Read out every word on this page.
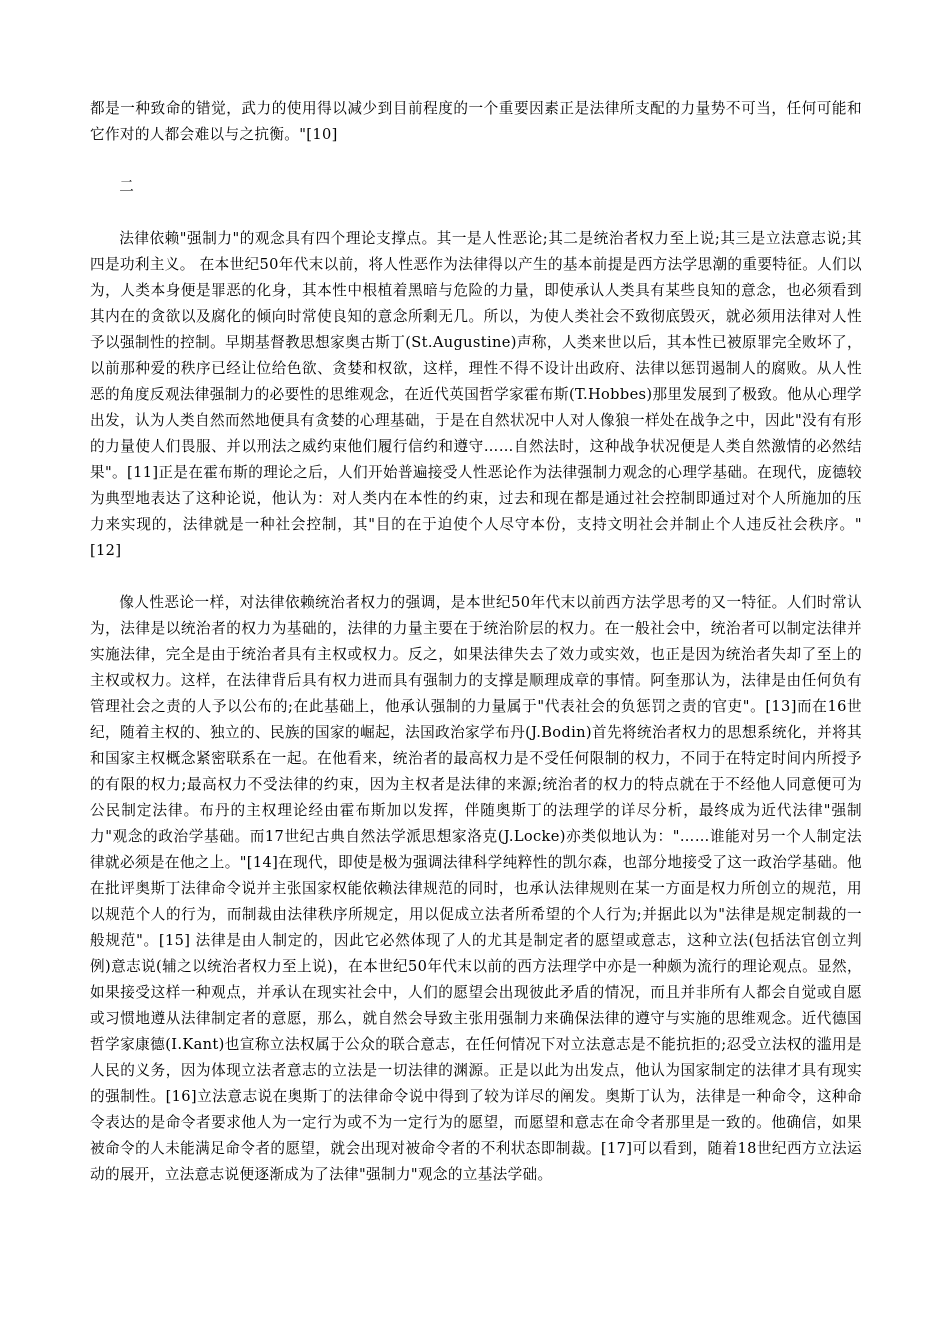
都是一种致命的错觉，武力的使用得以减少到目前程度的一个重要因素正是法律所支配的力量势不可当，任何可能和它作对的人都会难以与之抗衡。"[10]

二

法律依赖"强制力"的观念具有四个理论支撑点。其一是人性恶论;其二是统治者权力至上说;其三是立法意志说;其四是功利主义。 在本世纪50年代末以前，将人性恶作为法律得以产生的基本前提是西方法学思潮的重要特征。人们以为，人类本身便是罪恶的化身，其本性中根植着黑暗与危险的力量，即使承认人类具有某些良知的意念，也必须看到其内在的贪欲以及腐化的倾向时常使良知的意念所剩无几。所以，为使人类社会不致彻底毁灭，就必须用法律对人性予以强制性的控制。早期基督教思想家奥古斯丁(St.Augustine)声称，人类来世以后，其本性已被原罪完全败坏了，以前那种爱的秩序已经让位给色欲、贪婪和权欲，这样，理性不得不设计出政府、法律以惩罚遏制人的腐败。从人性恶的角度反观法律强制力的必要性的思维观念，在近代英国哲学家霍布斯(T.Hobbes)那里发展到了极致。他从心理学出发，认为人类自然而然地便具有贪婪的心理基础，于是在自然状况中人对人像狼一样处在战争之中，因此"没有有形的力量使人们畏服、并以刑法之威约束他们履行信约和遵守……自然法时，这种战争状况便是人类自然激情的必然结果"。[11]正是在霍布斯的理论之后，人们开始普遍接受人性恶论作为法律强制力观念的心理学基础。在现代，庞德较为典型地表达了这种论说，他认为：对人类内在本性的约束，过去和现在都是通过社会控制即通过对个人所施加的压力来实现的，法律就是一种社会控制，其"目的在于迫使个人尽守本份，支持文明社会并制止个人违反社会秩序。"[12]

像人性恶论一样，对法律依赖统治者权力的强调，是本世纪50年代末以前西方法学思考的又一特征。人们时常认为，法律是以统治者的权力为基础的，法律的力量主要在于统治阶层的权力。在一般社会中，统治者可以制定法律并实施法律，完全是由于统治者具有主权或权力。反之，如果法律失去了效力或实效，也正是因为统治者失却了至上的主权或权力。这样，在法律背后具有权力进而具有强制力的支撑是顺理成章的事情。阿奎那认为，法律是由任何负有管理社会之责的人予以公布的;在此基础上，他承认强制的力量属于"代表社会的负惩罚之责的官吏"。[13]而在16世纪，随着主权的、独立的、民族的国家的崛起，法国政治家学布丹(J.Bodin)首先将统治者权力的思想系统化，并将其和国家主权概念紧密联系在一起。在他看来，统治者的最高权力是不受任何限制的权力，不同于在特定时间内所授予的有限的权力;最高权力不受法律的约束，因为主权者是法律的来源;统治者的权力的特点就在于不经他人同意便可为公民制定法律。布丹的主权理论经由霍布斯加以发挥，伴随奥斯丁的法理学的详尽分析，最终成为近代法律"强制力"观念的政治学基础。而17世纪古典自然法学派思想家洛克(J.Locke)亦类似地认为："……谁能对另一个人制定法律就必须是在他之上。"[14]在现代，即使是极为强调法律科学纯粹性的凯尔森，也部分地接受了这一政治学基础。他在批评奥斯丁法律命令说并主张国家权能依赖法律规范的同时，也承认法律规则在某一方面是权力所创立的规范，用以规范个人的行为，而制裁由法律秩序所规定，用以促成立法者所希望的个人行为;并据此以为"法律是规定制裁的一般规范"。[15] 法律是由人制定的，因此它必然体现了人的尤其是制定者的愿望或意志，这种立法(包括法官创立判例)意志说(辅之以统治者权力至上说)，在本世纪50年代末以前的西方法理学中亦是一种颇为流行的理论观点。显然，如果接受这样一种观点，并承认在现实社会中，人们的愿望会出现彼此矛盾的情况，而且并非所有人都会自觉或自愿或习惯地遵从法律制定者的意愿，那么，就自然会导致主张用强制力来确保法律的遵守与实施的思维观念。近代德国哲学家康德(I.Kant)也宣称立法权属于公众的联合意志，在任何情况下对立法意志是不能抗拒的;忍受立法权的滥用是人民的义务，因为体现立法者意志的立法是一切法律的渊源。正是以此为出发点，他认为国家制定的法律才具有现实的强制性。[16]立法意志说在奥斯丁的法律命令说中得到了较为详尽的阐发。奥斯丁认为，法律是一种命令，这种命令表达的是命令者要求他人为一定行为或不为一定行为的愿望，而愿望和意志在命令者那里是一致的。他确信，如果被命令的人未能满足命令者的愿望，就会出现对被命令者的不利状态即制裁。[17]可以看到，随着18世纪西方立法运动的展开，立法意志说便逐渐成为了法律"强制力"观念的立基法学础。
